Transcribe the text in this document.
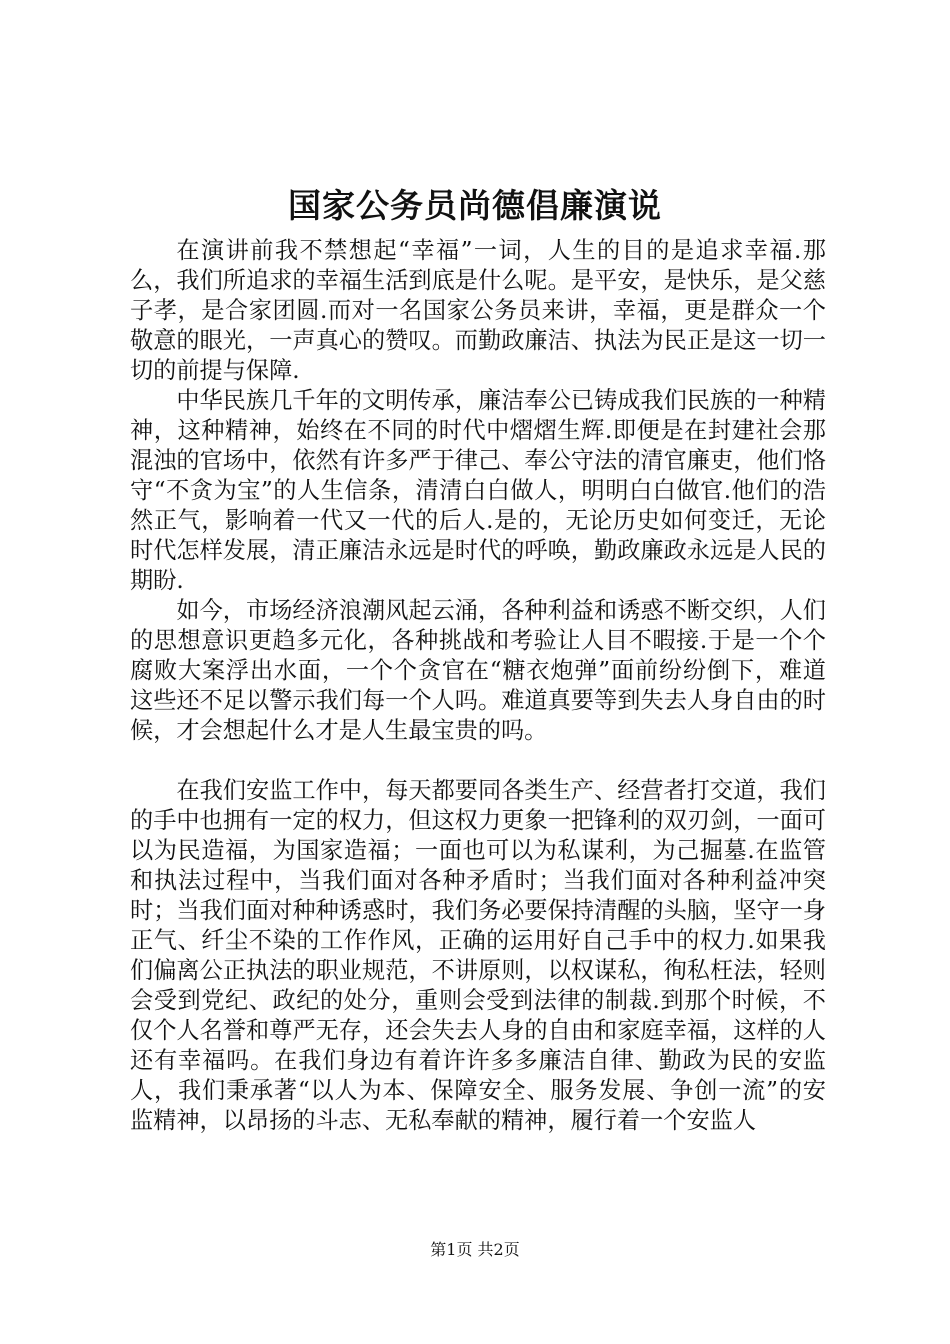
国家公务员尚德倡廉演说

在演讲前我不禁想起“幸福”一词，人生的目的是追求幸福.那么，我们所追求的幸福生活到底是什么呢。是平安，是快乐，是父慈子孝，是合家团圆.而对一名国家公务员来讲，幸福，更是群众一个敬意的眼光，一声真心的赞叹。而勤政廉洁、执法为民正是这一切一切的前提与保障.

中华民族几千年的文明传承，廉洁奉公已铸成我们民族的一种精神，这种精神，始终在不同的时代中熠熠生辉.即便是在封建社会那混浊的官场中，依然有许多严于律己、奉公守法的清官廉吏，他们恪守“不贪为宝”的人生信条，清清白白做人，明明白白做官.他们的浩然正气，影响着一代又一代的后人.是的，无论历史如何变迁，无论时代怎样发展，清正廉洁永远是时代的呼唤，勤政廉政永远是人民的期盼.

如今，市场经济浪潮风起云涌，各种利益和诱惑不断交织，人们的思想意识更趋多元化，各种挑战和考验让人目不暇接.于是一个个腐败大案浮出水面，一个个贪官在“糖衣炮弹”面前纷纷倒下，难道这些还不足以警示我们每一个人吗。难道真要等到失去人身自由的时候，才会想起什么才是人生最宝贵的吗。

在我们安监工作中，每天都要同各类生产、经营者打交道，我们的手中也拥有一定的权力，但这权力更象一把锋利的双刃剑，一面可以为民造福，为国家造福；一面也可以为私谋利，为己掘墓.在监管和执法过程中，当我们面对各种矛盾时；当我们面对各种利益冲突时；当我们面对种种诱惑时，我们务必要保持清醒的头脑，坚守一身正气、纤尘不染的工作作风，正确的运用好自己手中的权力.如果我们偏离公正执法的职业规范，不讲原则，以权谋私，徇私枉法，轻则会受到党纪、政纪的处分，重则会受到法律的制裁.到那个时候，不仅个人名誉和尊严无存，还会失去人身的自由和家庭幸福，这样的人还有幸福吗。在我们身边有着许许多多廉洁自律、勤政为民的安监人，我们秉承著“以人为本、保障安全、服务发展、争创一流”的安监精神，以昂扬的斗志、无私奉献的精神，履行着一个安监人

第1页 共2页
